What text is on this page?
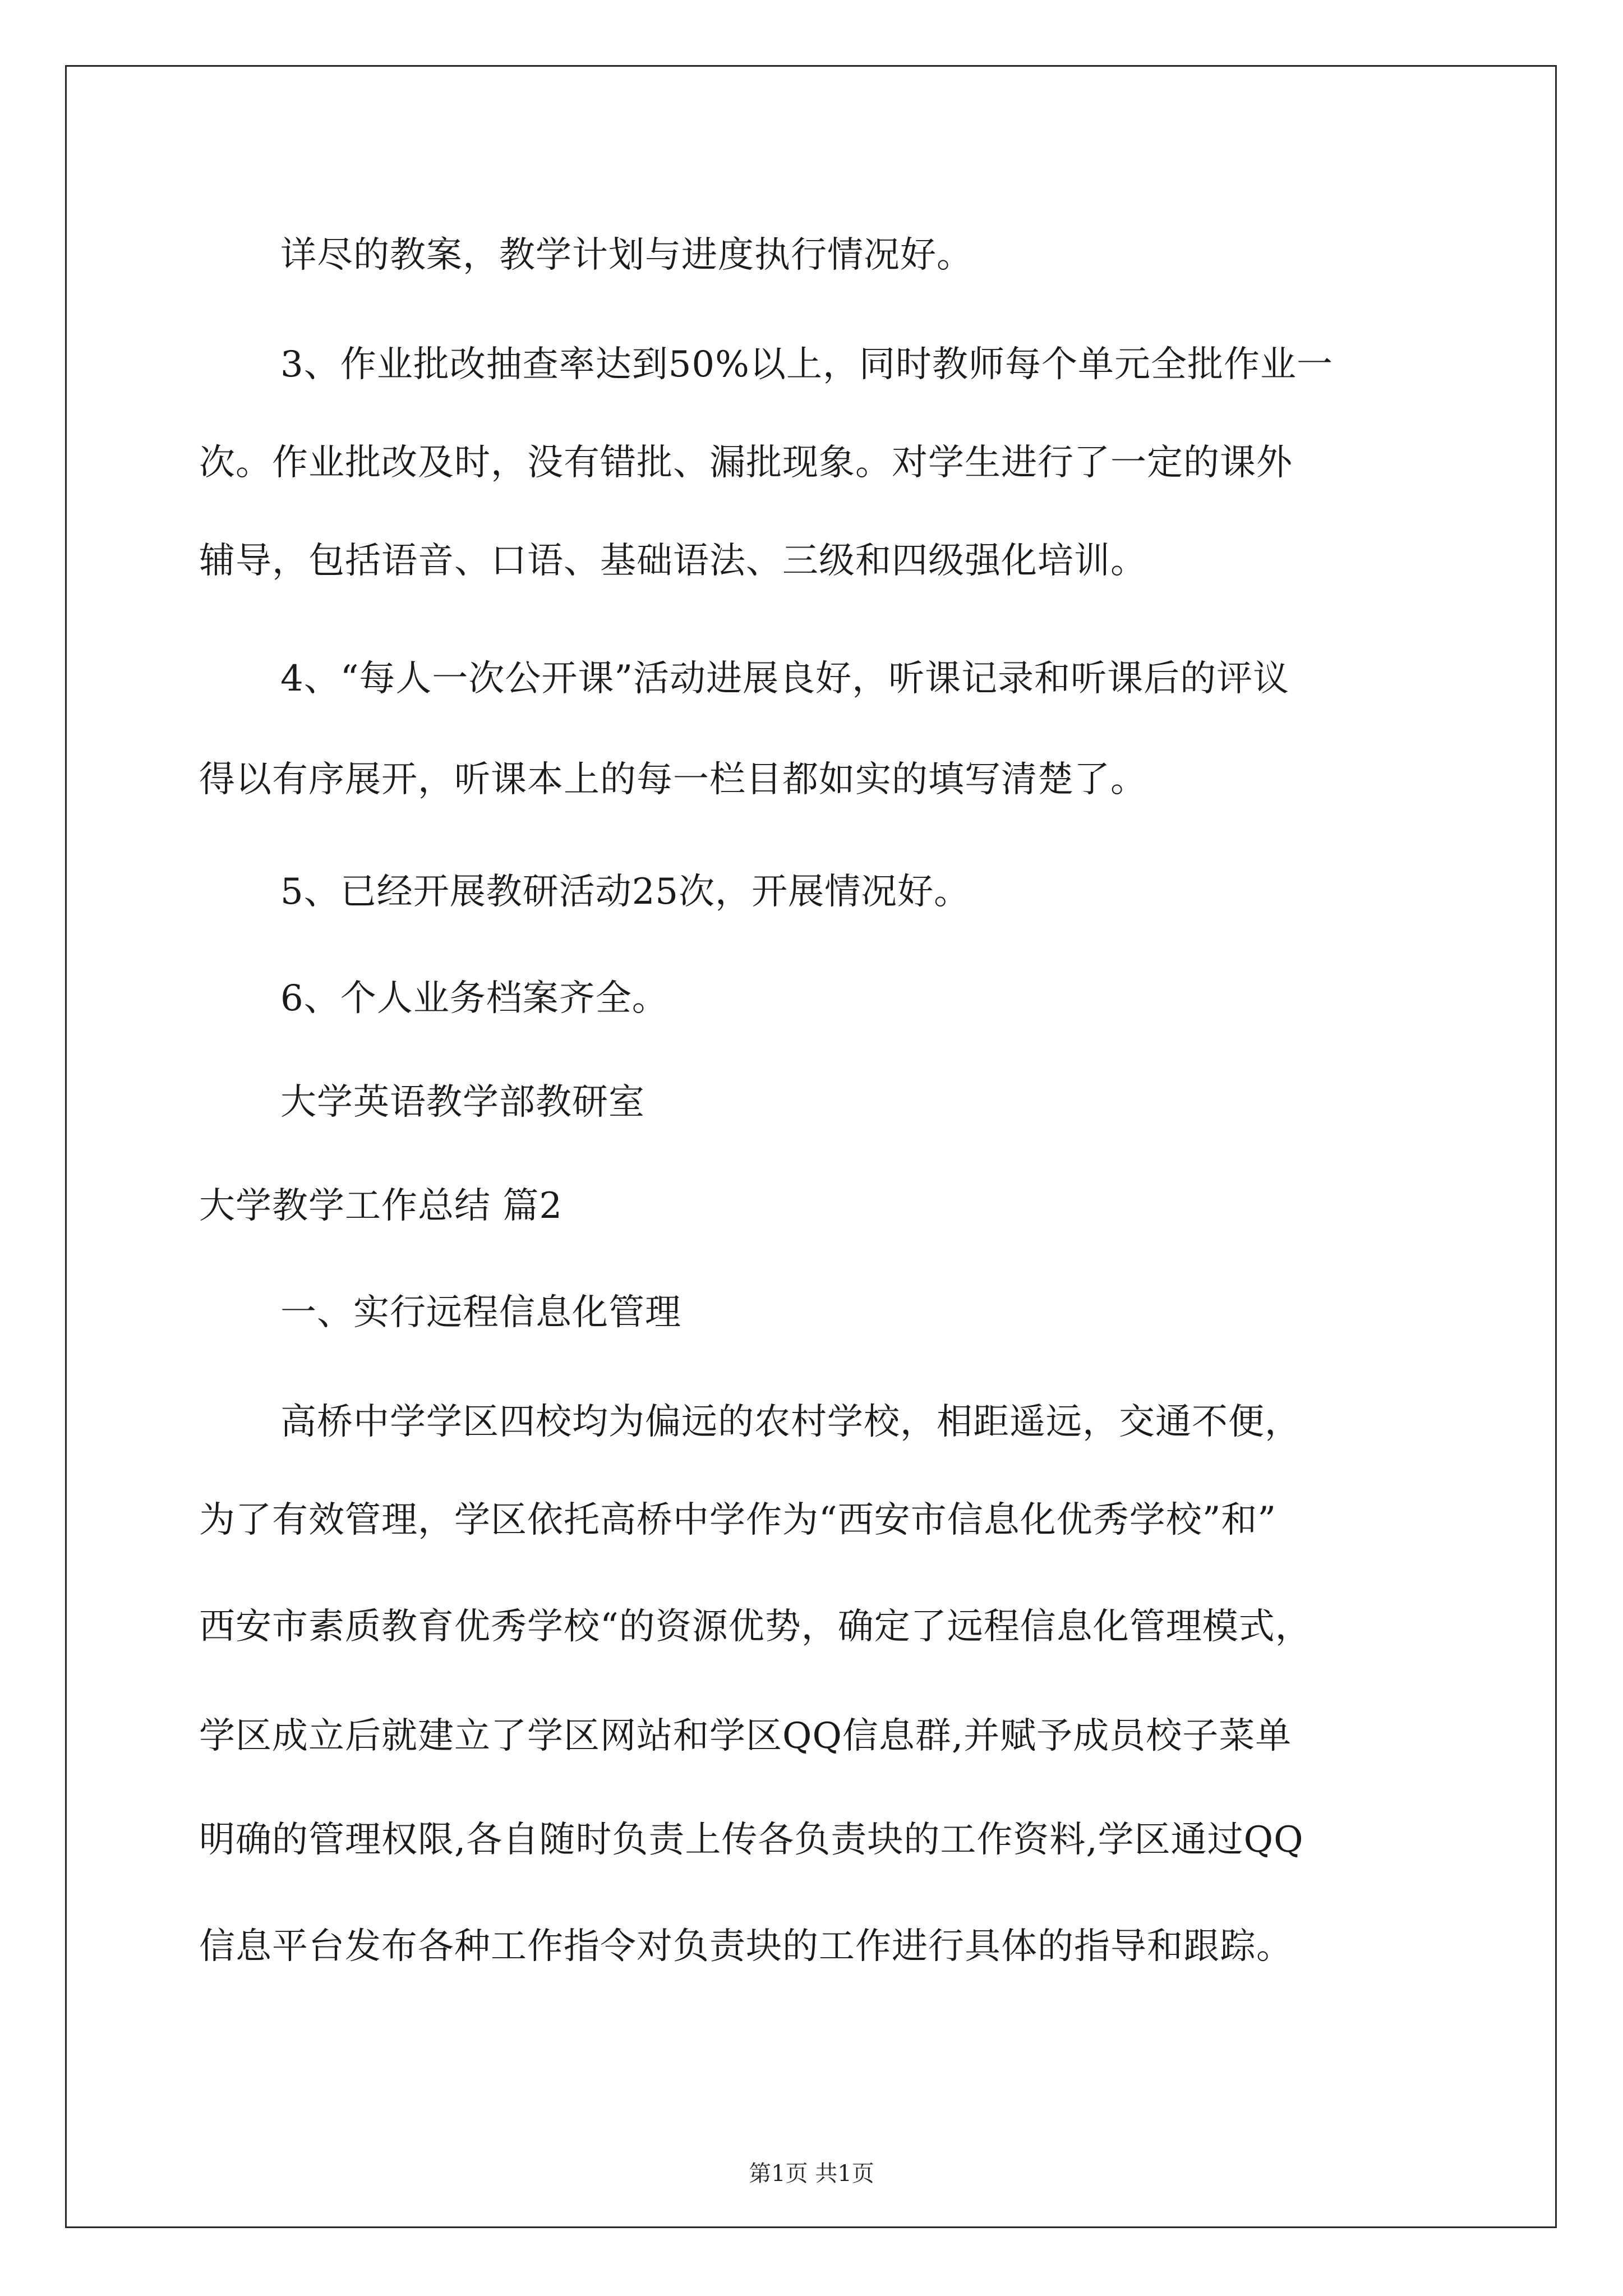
详尽的教案，教学计划与进度执行情况好。
3、作业批改抽查率达到50%以上，同时教师每个单元全批作业一
次。作业批改及时，没有错批、漏批现象。对学生进行了一定的课外
辅导，包括语音、口语、基础语法、三级和四级强化培训。
4、“每人一次公开课”活动进展良好，听课记录和听课后的评议
得以有序展开，听课本上的每一栏目都如实的填写清楚了。
5、已经开展教研活动25次，开展情况好。
6、个人业务档案齐全。
大学英语教学部教研室
大学教学工作总结 篇2
一、实行远程信息化管理
高桥中学学区四校均为偏远的农村学校，相距遥远，交通不便，
为了有效管理，学区依托高桥中学作为“西安市信息化优秀学校”和”
西安市素质教育优秀学校“的资源优势，确定了远程信息化管理模式，
学区成立后就建立了学区网站和学区QQ信息群,并赋予成员校子菜单
明确的管理权限,各自随时负责上传各负责块的工作资料,学区通过QQ
信息平台发布各种工作指令对负责块的工作进行具体的指导和跟踪。
第1页 共1页
